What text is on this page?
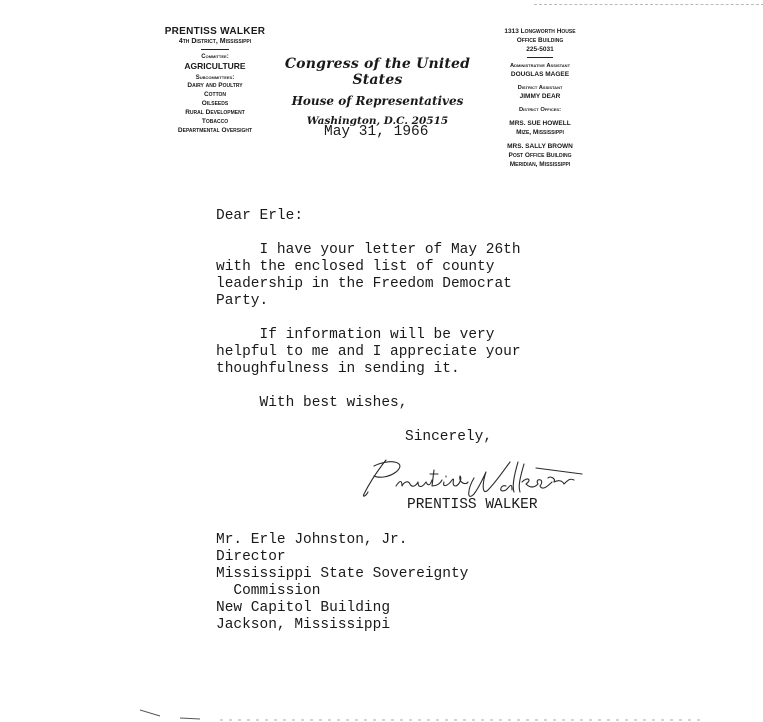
PRENTISS WALKER
4th District, Mississippi
Committee:
AGRICULTURE
Subcommittees:
Dairy and Poultry
Cotton
Oilseeds
Rural Development
Tobacco
Departmental Oversight
Congress of the United States
House of Representatives
Washington, D.C. 20515
May 31, 1966
1313 Longworth House
Office Building
225-5031
Administrative Assistant
DOUGLAS MAGEE
District Assistant
JIMMY DEAR
District Offices:
MRS. SUE HOWELL
Mize, Mississippi
MRS. SALLY BROWN
Post Office Building
Meridian, Mississippi
Dear Erle:
I have your letter of May 26th
with the enclosed list of county
leadership in the Freedom Democrat
Party.
If information will be very
helpful to me and I appreciate your
thoughfulness in sending it.
With best wishes,
Sincerely,
PRENTISS WALKER
Mr. Erle Johnston, Jr.
Director
Mississippi State Sovereignty
Commission
New Capitol Building
Jackson, Mississippi
